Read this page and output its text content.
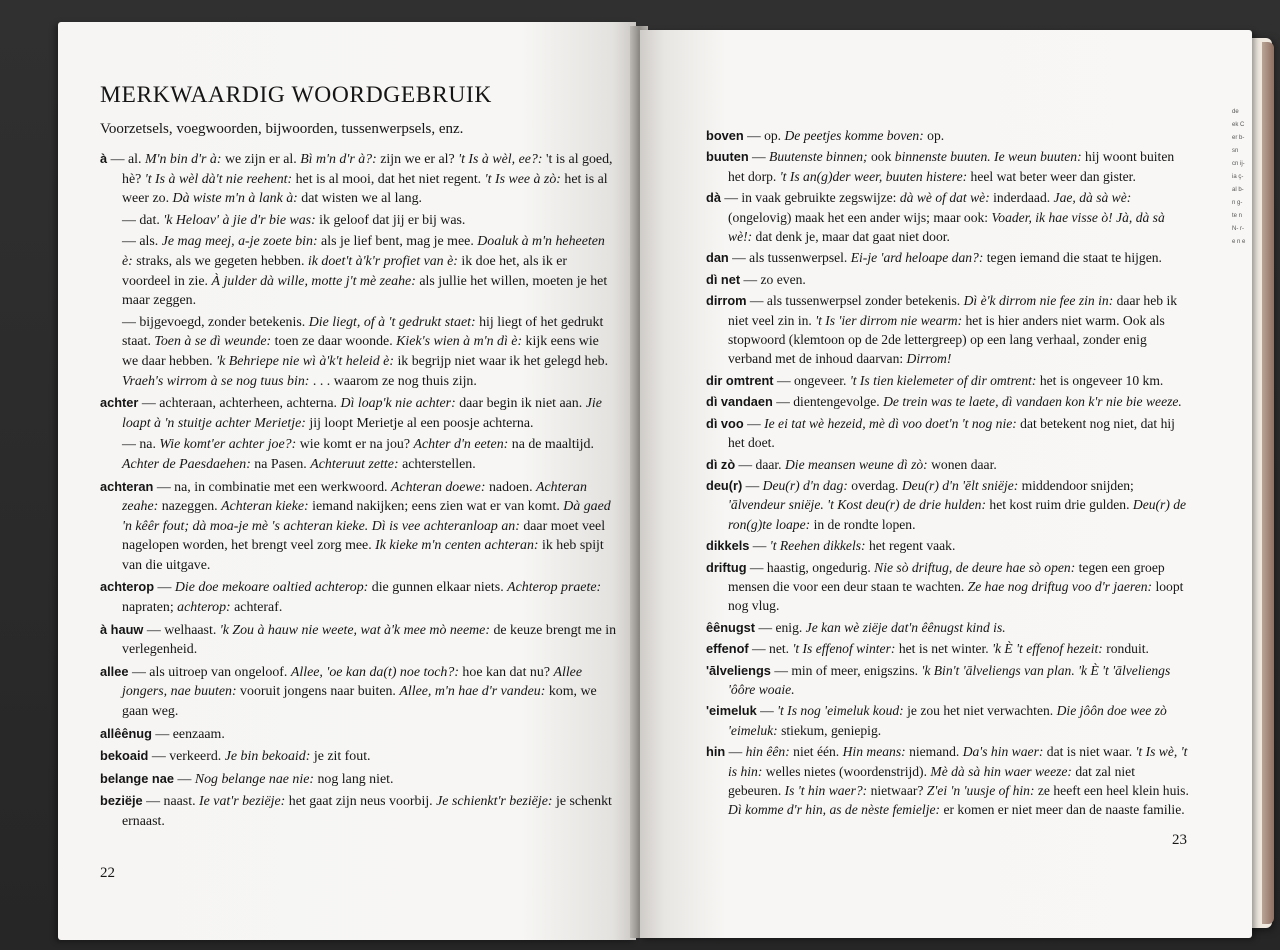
MERKWAARDIG WOORDGEBRUIK
Voorzetsels, voegwoorden, bijwoorden, tussenwerpsels, enz.
à — al. M'n bin d'r à: we zijn er al. Bì m'n d'r à?: zijn we er al? 't Is à wèl, ee?: 't is al goed, hè? 't Is à wèl dà't nie reehent: het is al mooi, dat het niet regent. 't Is wee à zò: het is al weer zo. Dà wiste m'n à lank à: dat wisten we al lang.
— dat. 'k Heloav' à jie d'r bie was: ik geloof dat jij er bij was.
— als. Je mag meej, a-je zoete bin: als je lief bent, mag je mee. Doaluk à m'n heheeten è: straks, als we gegeten hebben. ik doet't à'k'r profiet van è: ik doe het, als ik er voordeel in zie. À julder dà wille, motte j't mè zeahe: als jullie het willen, moeten je het maar zeggen.
— bijgevoegd, zonder betekenis. Die liegt, of à 't gedrukt staet: hij liegt of het gedrukt staat. Toen à se dì weunde: toen ze daar woonde. Kiek's wien à m'n dì è: kijk eens wie we daar hebben. 'k Behriepe nie wì à'k't heleid è: ik begrijp niet waar ik het gelegd heb. Vraeh's wirrom à se nog tuus bin: . . . waarom ze nog thuis zijn.
achter — achteraan, achterheen, achterna. Dì loap'k nie achter: daar begin ik niet aan. Jie loapt à 'n stuitje achter Merietje: jij loopt Merietje al een poosje achterna.
— na. Wie komt'er achter joe?: wie komt er na jou? Achter d'n eeten: na de maaltijd. Achter de Paesdaehen: na Pasen. Achteruut zette: achterstellen.
achteran — na, in combinatie met een werkwoord. Achteran doewe: nadoen. Achteran zeahe: nazeggen. Achteran kieke: iemand nakijken; eens zien wat er van komt. Dà gaed 'n kêêr fout; dà moa-je mè 's achteran kieke. Dì is vee achteranloap an: daar moet veel nagelopen worden, het brengt veel zorg mee. Ik kieke m'n centen achteran: ik heb spijt van die uitgave.
achterop — Die doe mekoare oaltied achterop: die gunnen elkaar niets. Achterop praete: napraten; achterop: achteraf.
à hauw — welhaast. 'k Zou à hauw nie weete, wat à'k mee mò neeme: de keuze brengt me in verlegenheid.
allee — als uitroep van ongeloof. Allee, 'oe kan da(t) noe toch?: hoe kan dat nu? Allee jongers, nae buuten: vooruit jongens naar buiten. Allee, m'n hae d'r vandeu: kom, we gaan weg.
allêênug — eenzaam.
bekoaid — verkeerd. Je bin bekoaid: je zit fout.
belange nae — Nog belange nae nie: nog lang niet.
beziëje — naast. Ie vat'r beziëje: het gaat zijn neus voorbij. Je schienkt'r beziëje: je schenkt ernaast.
22
boven — op. De peetjes komme boven: op.
buuten — Buutenste binnen; ook binnenste buuten. Ie weun buuten: hij woont buiten het dorp. 't Is an(g)der weer, buuten histere: heel wat beter weer dan gister.
dà — in vaak gebruikte zegswijze: dà wè of dat wè: inderdaad. Jae, dà sà wè: (ongelovig) maak het een ander wijs; maar ook: Voader, ik hae visse ò! Jà, dà sà wè!: dat denk je, maar dat gaat niet door.
dan — als tussenwerpsel. Ei-je 'ard heloape dan?: tegen iemand die staat te hijgen.
dì net — zo even.
dirrom — als tussenwerpsel zonder betekenis. Dì è'k dirrom nie fee zin in: daar heb ik niet veel zin in. 't Is 'ier dirrom nie wearm: het is hier anders niet warm. Ook als stopwoord (klemtoon op de 2de lettergreep) op een lang verhaal, zonder enig verband met de inhoud daarvan: Dirrom!
dir omtrent — ongeveer. 't Is tien kielemeter of dir omtrent: het is ongeveer 10 km.
dì vandaen — dientengevolge. De trein was te laete, dì vandaen kon k'r nie bie weeze.
dì voo — Ie ei tat wè hezeid, mè dì voo doet'n 't nog nie: dat betekent nog niet, dat hij het doet.
dì zò — daar. Die meansen weune dì zò: wonen daar.
deu(r) — Deu(r) d'n dag: overdag. Deu(r) d'n 'ēlt sniëje: middendoor snijden; 'ālvendeur sniëje. 't Kost deu(r) de drie hulden: het kost ruim drie gulden. Deu(r) de ron(g)te loape: in de rondte lopen.
dikkels — 't Reehen dikkels: het regent vaak.
driftug — haastig, ongedurig. Nie sò driftug, de deure hae sò open: tegen een groep mensen die voor een deur staan te wachten. Ze hae nog driftug voo d'r jaeren: loopt nog vlug.
êênugst — enig. Je kan wè ziëje dat'n êênugst kind is.
effenof — net. 't Is effenof winter: het is net winter. 'k È 't effenof hezeit: ronduit.
'ālveliengs — min of meer, enigszins. 'k Bin't 'ālveliengs van plan. 'k È 't 'ālveliengs 'ôôre woaie.
'eimeluk — 't Is nog 'eimeluk koud: je zou het niet verwachten. Die jôôn doe wee zò 'eimeluk: stiekum, geniepig.
hin — hin êên: niet één. Hin means: niemand. Da's hin waer: dat is niet waar. 't Is wè, 't is hin: welles nietes (woordenstrijd). Mè dà sà hin waer weeze: dat zal niet gebeuren. Is 't hin waer?: nietwaar? Z'ei 'n 'uusje of hin: ze heeft een heel klein huis. Dì komme d'r hin, as de nèste femielje: er komen er niet meer dan de naaste familie.
23
de ek C er b- sn cn ij- ia ç- al b- n g- te n N- r- e n e
